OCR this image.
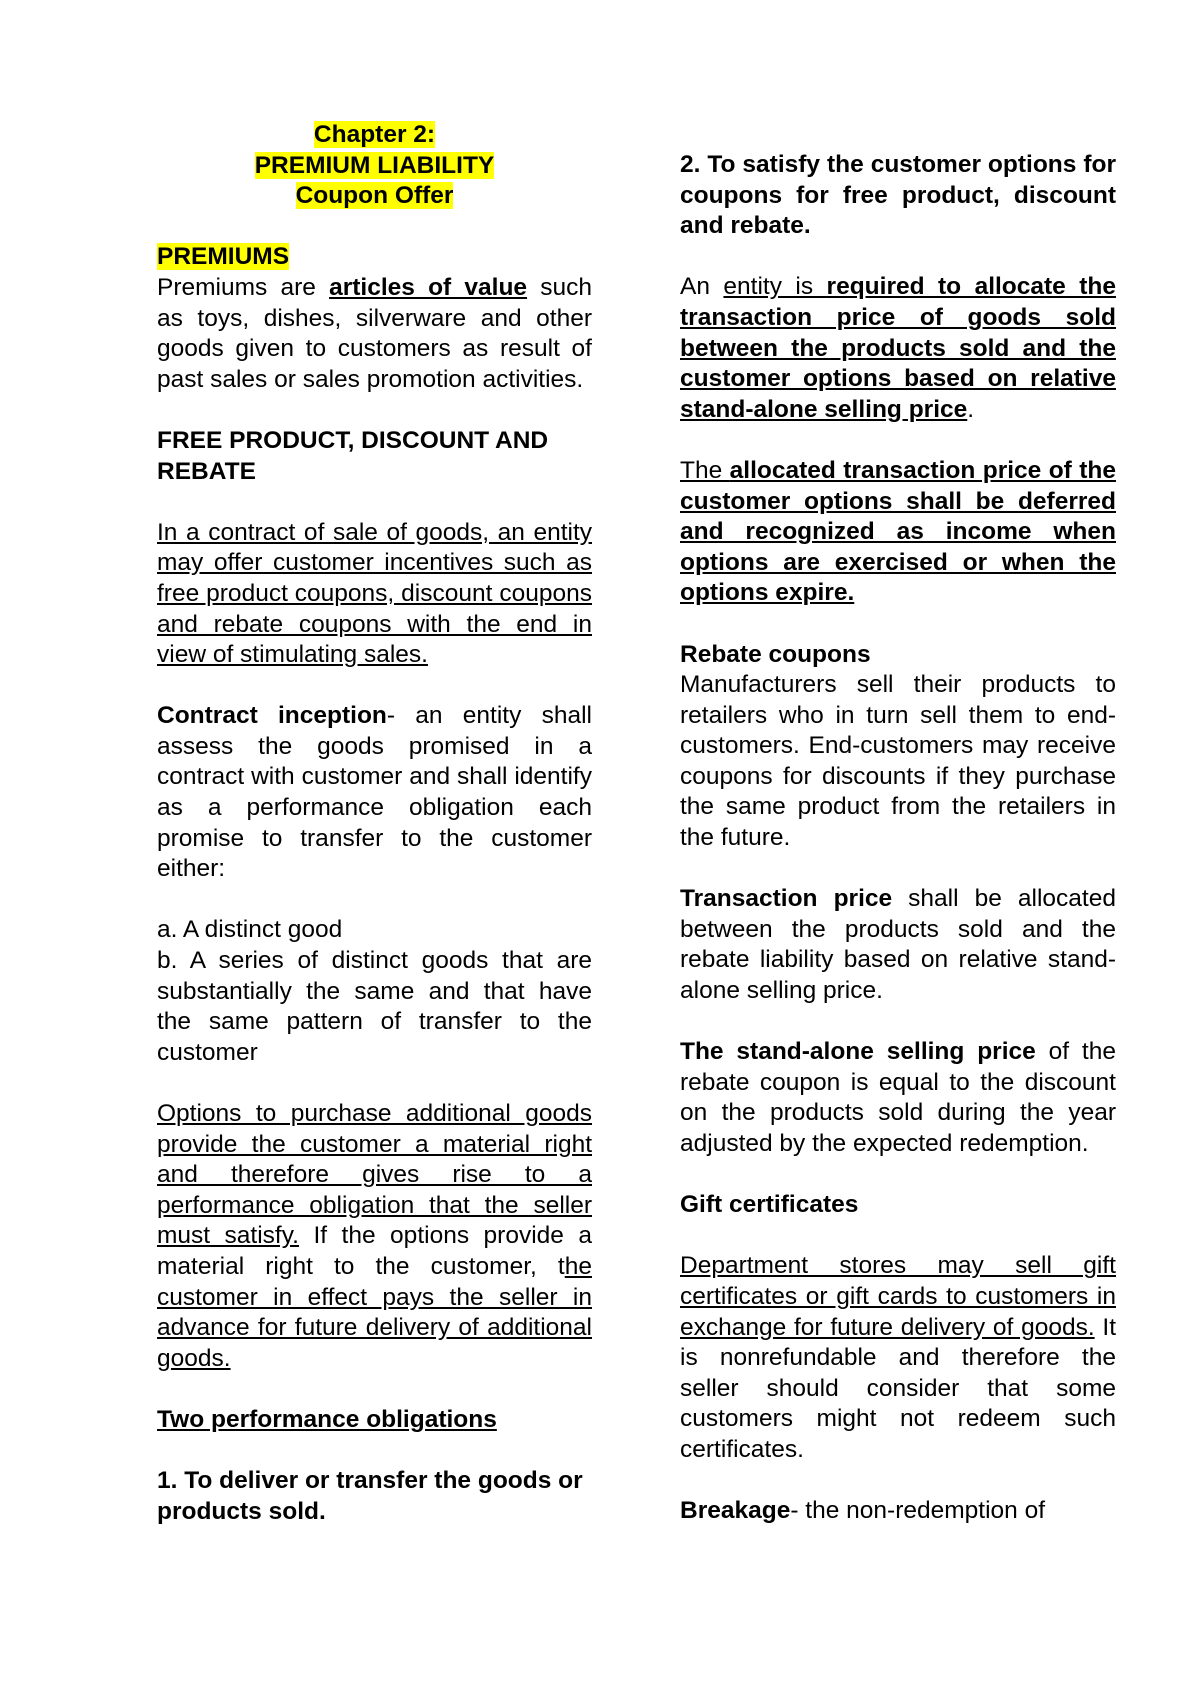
Chapter 2:

PREMIUM LIABILITY

Coupon Offer

PREMIUMS

Premiums are articles of value such as toys, dishes, silverware and other goods given to customers as result of past sales or sales promotion activities.

FREE PRODUCT, DISCOUNT AND REBATE

In a contract of sale of goods, an entity may offer customer incentives such as free product coupons, discount coupons and rebate coupons with the end in view of stimulating sales.

Contract inception- an entity shall assess the goods promised in a contract with customer and shall identify as a performance obligation each promise to transfer to the customer either:

a. A distinct good

b. A series of distinct goods that are substantially the same and that have the same pattern of transfer to the customer

Options to purchase additional goods provide the customer a material right and therefore gives rise to a performance obligation that the seller must satisfy. If the options provide a material right to the customer, the customer in effect pays the seller in advance for future delivery of additional goods.

Two performance obligations

1. To deliver or transfer the goods or products sold.

2. To satisfy the customer options for coupons for free product, discount and rebate.

An entity is required to allocate the transaction price of goods sold between the products sold and the customer options based on relative stand-alone selling price.

The allocated transaction price of the customer options shall be deferred and recognized as income when options are exercised or when the options expire.

Rebate coupons

Manufacturers sell their products to retailers who in turn sell them to end-customers. End-customers may receive coupons for discounts if they purchase the same product from the retailers in the future.

Transaction price shall be allocated between the products sold and the rebate liability based on relative stand-alone selling price.

The stand-alone selling price of the rebate coupon is equal to the discount on the products sold during the year adjusted by the expected redemption.

Gift certificates

Department stores may sell gift certificates or gift cards to customers in exchange for future delivery of goods. It is nonrefundable and therefore the seller should consider that some customers might not redeem such certificates.

Breakage- the non-redemption of
